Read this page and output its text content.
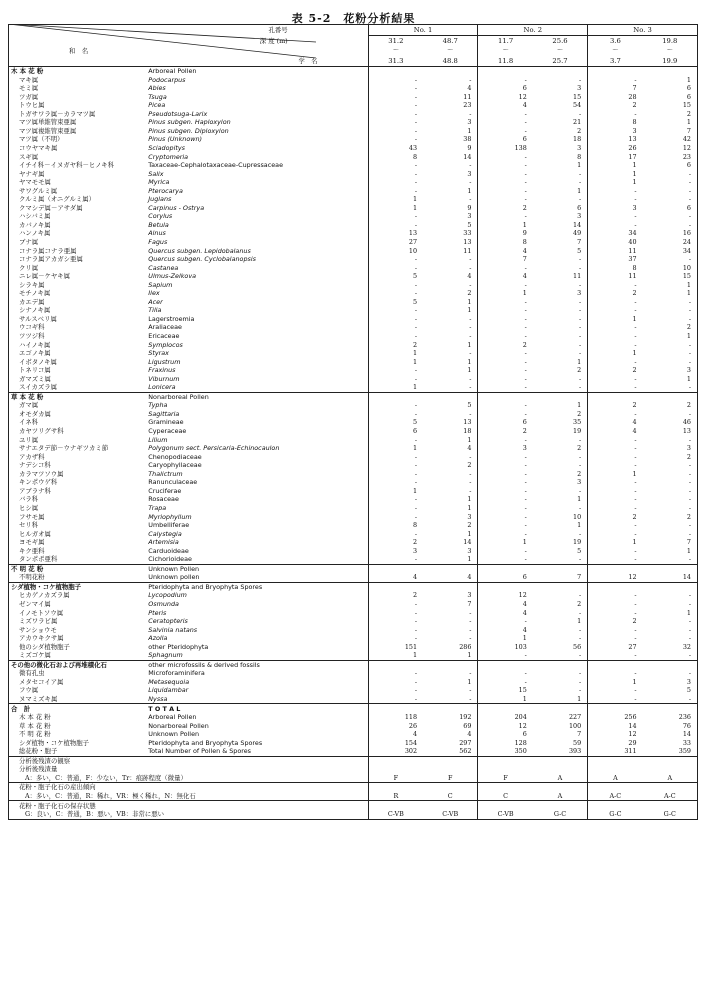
表 5-2　花粉分析結果
孔番号		No. 1		No. 2		No. 3	
深 度 (m)		31.2	48.7	11.7	25.6	3.6	19.8
和　名		～	～	～	～	～	～
	学　名	31.3	48.8	11.8	25.7	3.7	19.9
木 本 花 粉	Arboreal Pollen						
マキ属	Podocarpus	-	-	-	-	-	1
モミ属	Abies	-	4	6	3	7	6
ツガ属	Tsuga	-	11	12	15	28	6
トウヒ属	Picea	-	23	4	54	2	15
トガサワラ属－カラマツ属	Pseudotsuga-Larix	-	-	-	-	-	2
マツ属単維管束亜属	Pinus subgen. Haploxylon	-	3	-	21	8	1
マツ属複維管束亜属	Pinus subgen. Diploxylon	-	1	-	2	3	7
マツ属（不明）	Pinus (Unknown)	-	38	6	18	13	42
コウヤマキ属	Sciadopitys	43	9	138	3	26	12
スギ属	Cryptomeria	8	14	-	8	17	23
イチイ科－イヌガヤ科－ヒノキ科	Taxaceae-Cephalotaxaceae-Cupressaceae	-	-	-	1	1	6
ヤナギ属	Salix	-	3	-	-	1	-
ヤマモモ属	Myrica	-	-	-	-	1	-
サワグルミ属	Pterocarya	-	1	-	1	-	-
クルミ属（オニグルミ属）	Juglans	1	-	-	-	-	-
クマシデ属－アサダ属	Carpinus - Ostrya	1	9	2	6	3	6
ハシバミ属	Corylus	-	3	-	3	-	-
カバノキ属	Betula	-	5	1	14	-	-
ハンノキ属	Alnus	13	33	9	49	34	16
ブナ属	Fagus	27	13	8	7	40	24
コナラ属コナラ亜属	Quercus subgen. Lepidobalanus	10	11	4	5	11	34
コナラ属アカガシ亜属	Quercus subgen. Cyclobalanopsis	-	-	7	-	37	-
クリ属	Castanea	-	-	-	-	8	10
ニレ属－ケヤキ属	Ulmus-Zelkova	5	4	4	11	11	15
シラキ属	Sapium	-	-	-	-	-	1
モチノキ属	Ilex	-	2	1	3	2	1
カエデ属	Acer	5	1	-	-	-	-
シナノキ属	Tilia	-	1	-	-	-	-
サルスベリ属	Lagerstroemia	-	-	-	-	1	-
ウコギ科	Araliaceae	-	-	-	-	-	2
ツツジ科	Ericaceae	-	-	-	-	-	1
ハイノキ属	Symplocos	2	1	2	-	-	-
エゴノキ属	Styrax	1	-	-	-	1	-
イボタノキ属	Ligustrum	1	1	-	1	-	-
トネリコ属	Fraxinus	-	1	-	2	2	3
ガマズミ属	Viburnum	-	-	-	-	-	1
スイカズラ属	Lonicera	1	-	-	-	-	-
草 本 花 粉	Nonarboreal Pollen						
ガマ属	Typha	-	5	-	1	2	2
オモダカ属	Sagittaria	-	-	-	2	-	-
イネ科	Gramineae	5	13	6	35	4	46
カヤツリグサ科	Cyperaceae	6	18	2	19	4	13
ユリ属	Lilium	-	1	-	-	-	-
サナエタデ節－ウナギツカミ節	Polygonum sect. Persicaria-Echinocaulon	1	4	3	2	-	3
アカザ科	Chenopodiaceae	-	-	-	-	-	2
ナデシコ科	Caryophyllaceae	-	2	-	-	-	-
カラマツソウ属	Thalictrum	-	-	-	2	1	-
キンポウゲ科	Ranunculaceae	-	-	-	3	-	-
アブラナ科	Cruciferae	1	-	-	-	-	-
バラ科	Rosaceae	-	1	-	1	-	-
ヒシ属	Trapa	-	1	-	-	-	-
フサモ属	Myriophyllum	-	3	-	10	2	2
セリ科	Umbelliferae	8	2	-	1	-	-
ヒルガオ属	Calystegia	-	1	-	-	-	-
ヨモギ属	Artemisia	2	14	1	19	1	7
キク亜科	Carduoideae	3	3	-	5	-	1
タンポポ亜科	Cichorioideae	-	1	-	-	-	-
不 明 花 粉	Unknown Pollen						
不明花粉	Unknown pollen	4	4	6	7	12	14
シダ植物・コケ植物胞子	Pteridophyta and Bryophyta Spores						
ヒカゲノカズラ属	Lycopodium	2	3	12	-	-	-
ゼンマイ属	Osmunda	-	7	4	2	-	-
イノモトソウ属	Pteris	-	-	4	-	-	1
ミズワラビ属	Ceratopteris	-	-	-	1	2	-
サンショウモ	Salvinia natans	-	-	4	-	-	-
アカウキクサ属	Azolla	-	-	1	-	-	-
他のシダ植物胞子	other Pteridophyta	151	286	103	56	27	32
ミズゴケ属	Sphagnum	1	1	-	-	-	-
その他の微化石および再堆積化石	other microfossils & derived fossils						
微有孔虫	Microforaminifera	-	-	-	-	-	-
メタセコイア属	Metasequoia	-	1	-	-	1	3
フウ属	Liquidambar	-	-	15	-	-	5
ヌマミズキ属	Nyssa	-	-	1	1	-	-
合　計	T O T A L						
木 本 花 粉	Arboreal Pollen	118	192	204	227	256	236
草 本 花 粉	Nonarboreal Pollen	26	69	12	100	14	76
不 明 花 粉	Unknown Pollen	4	4	6	7	12	14
シダ植物・コケ植物胞子	Pteridophyta and Bryophyta Spores	154	297	128	59	29	33
総花粉・胞子	Total Number of Pollen & Spores	302	562	350	393	311	359
分析後残渣の観察							
分析後残渣量							
A：多い，C：普通，F：少ない，Tr：痕跡程度（微量）		F	F	F	A	A	A
花粉・胞子化石の産出傾向							
A：多い，C：普通，R：稀れ，VR：極く稀れ，N：無化石		R	C	C	A	A-C	A-C
花粉・胞子化石の保存状態							
G：良い，C：普通，B：悪い，VB：非常に悪い		C-VB	C-VB	C-VB	G-C	G-C	G-C
